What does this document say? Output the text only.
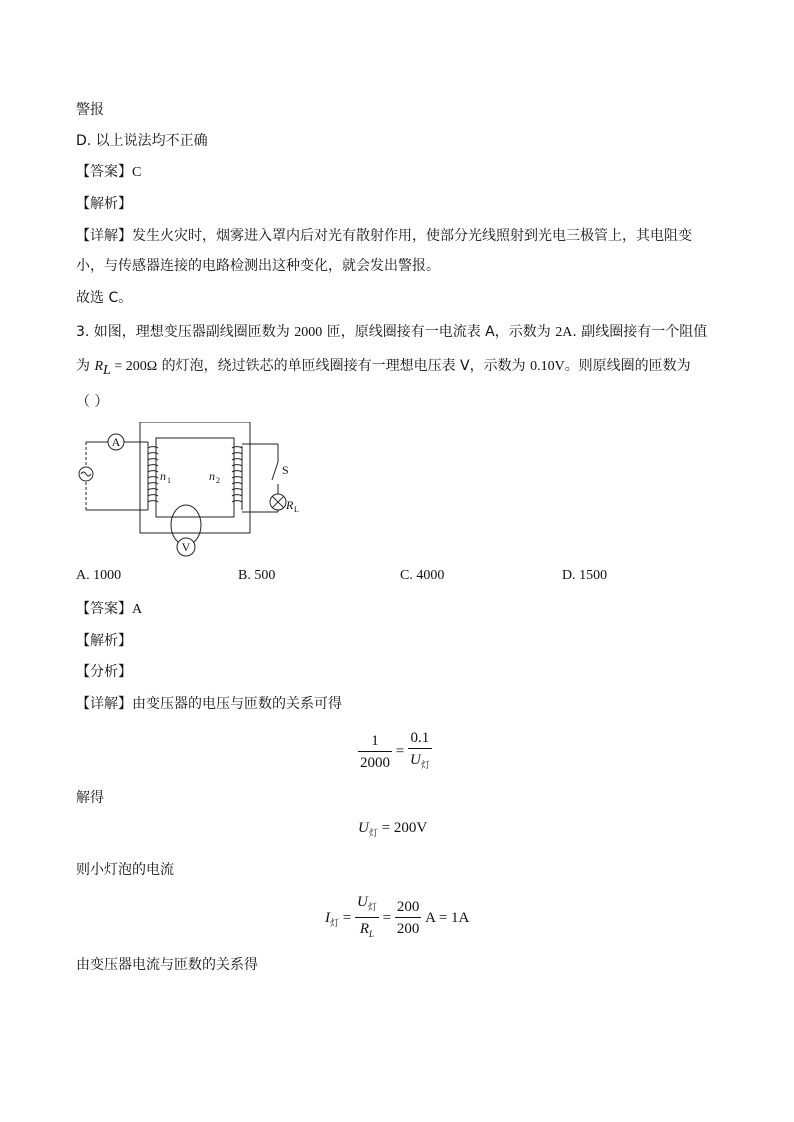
警报
D. 以上说法均不正确
【答案】C
【解析】
【详解】发生火灾时，烟雾进入罩内后对光有散射作用，使部分光线照射到光电三极管上，其电阻变
小，与传感器连接的电路检测出这种变化，就会发出警报。
故选 C。
3. 如图，理想变压器副线圈匝数为 2000 匝，原线圈接有一电流表 A，示数为 2A. 副线圈接有一个阻值
为 $R_L = 200\Omega$ 的灯泡，绕过铁芯的单匝线圈接有一理想电压表 V，示数为 0.10V。则原线圈的匝数为
（ ）
A
V
S
n 1	n 2
R L
A. 1000	B. 500	C. 4000	D. 1500
【答案】A
【解析】
【分析】
【详解】由变压器的电压与匝数的关系可得
$\frac{1}{2000} = \frac{0.1}{U_灯}$
解得
$U_灯 = 200V$
则小灯泡的电流
$I_灯 = \frac{U_灯}{R_L} = \frac{200}{200}$ A = 1A
由变压器电流与匝数的关系得
